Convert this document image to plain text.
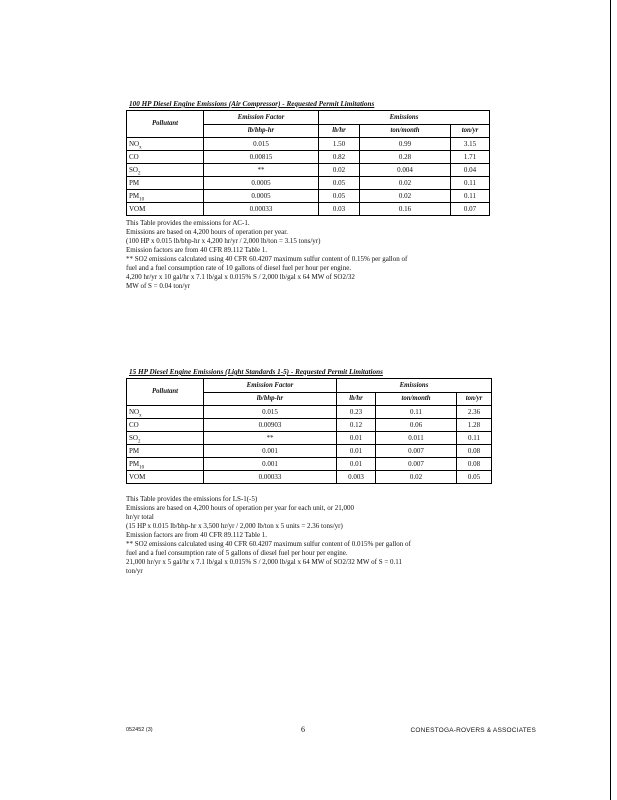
100 HP Diesel Engine Emissions (Air Compressor) - Requested Permit Limitations
Pollutant	Emission Factor	Emissions		
	lb/bhp-hr	lb/hr	ton/month	ton/yr
$NO_x$	0.015	1.50	0.99	3.15
CO	0.00815	0.82	0.28	1.71
$SO_2$	**	0.02	0.004	0.04
PM	0.0005	0.05	0.02	0.11
$PM_{10}$	0.0005	0.05	0.02	0.11
VOM	0.00033	0.03	0.16	0.07
This Table provides the emissions for AC-1.
Emissions are based on 4,200 hours of operation per year.
(100 HP x 0.015 lb/bhp-hr x 4,200 hr/yr / 2,000 lb/ton = 3.15 tons/yr)
Emission factors are from 40 CFR 89.112 Table 1.
** SO2 emissions calculated using 40 CFR 60.4207 maximum sulfur content of 0.15% per gallon of
fuel and a fuel consumption rate of 10 gallons of diesel fuel per hour per engine.
4,200 hr/yr x 10 gal/hr x 7.1 lb/gal x 0.015% S / 2,000 lb/gal x 64 MW of SO2/32
MW of S = 0.04 ton/yr
15 HP Diesel Engine Emissions (Light Standards 1-5) - Requested Permit Limitations
Pollutant	Emission Factor	Emissions		
	lb/bhp-hr	lb/hr	ton/month	ton/yr
$NO_x$	0.015	0.23	0.11	2.36
CO	0.00903	0.12	0.06	1.28
$SO_2$	**	0.01	0.011	0.11
PM	0.001	0.01	0.007	0.08
$PM_{10}$	0.001	0.01	0.007	0.08
VOM	0.00033	0.003	0.02	0.05
This Table provides the emissions for LS-1(-5)
Emissions are based on 4,200 hours of operation per year for each unit, or 21,000
hr/yr total
(15 HP x 0.015 lb/bhp-hr x 3,500 hr/yr / 2,000 lb/ton x 5 units = 2.36 tons/yr)
Emission factors are from 40 CFR 89.112 Table 1.
** SO2 emissions calculated using 40 CFR 60.4207 maximum sulfur content of 0.015% per gallon of
fuel and a fuel consumption rate of 5 gallons of diesel fuel per hour per engine.
21,000 hr/yr x 5 gal/hr x 7.1 lb/gal x 0.015% S / 2,000 lb/gal x 64 MW of SO2/32 MW of S = 0.11
ton/yr
052452 (3)	6	CONESTOGA-ROVERS & ASSOCIATES
